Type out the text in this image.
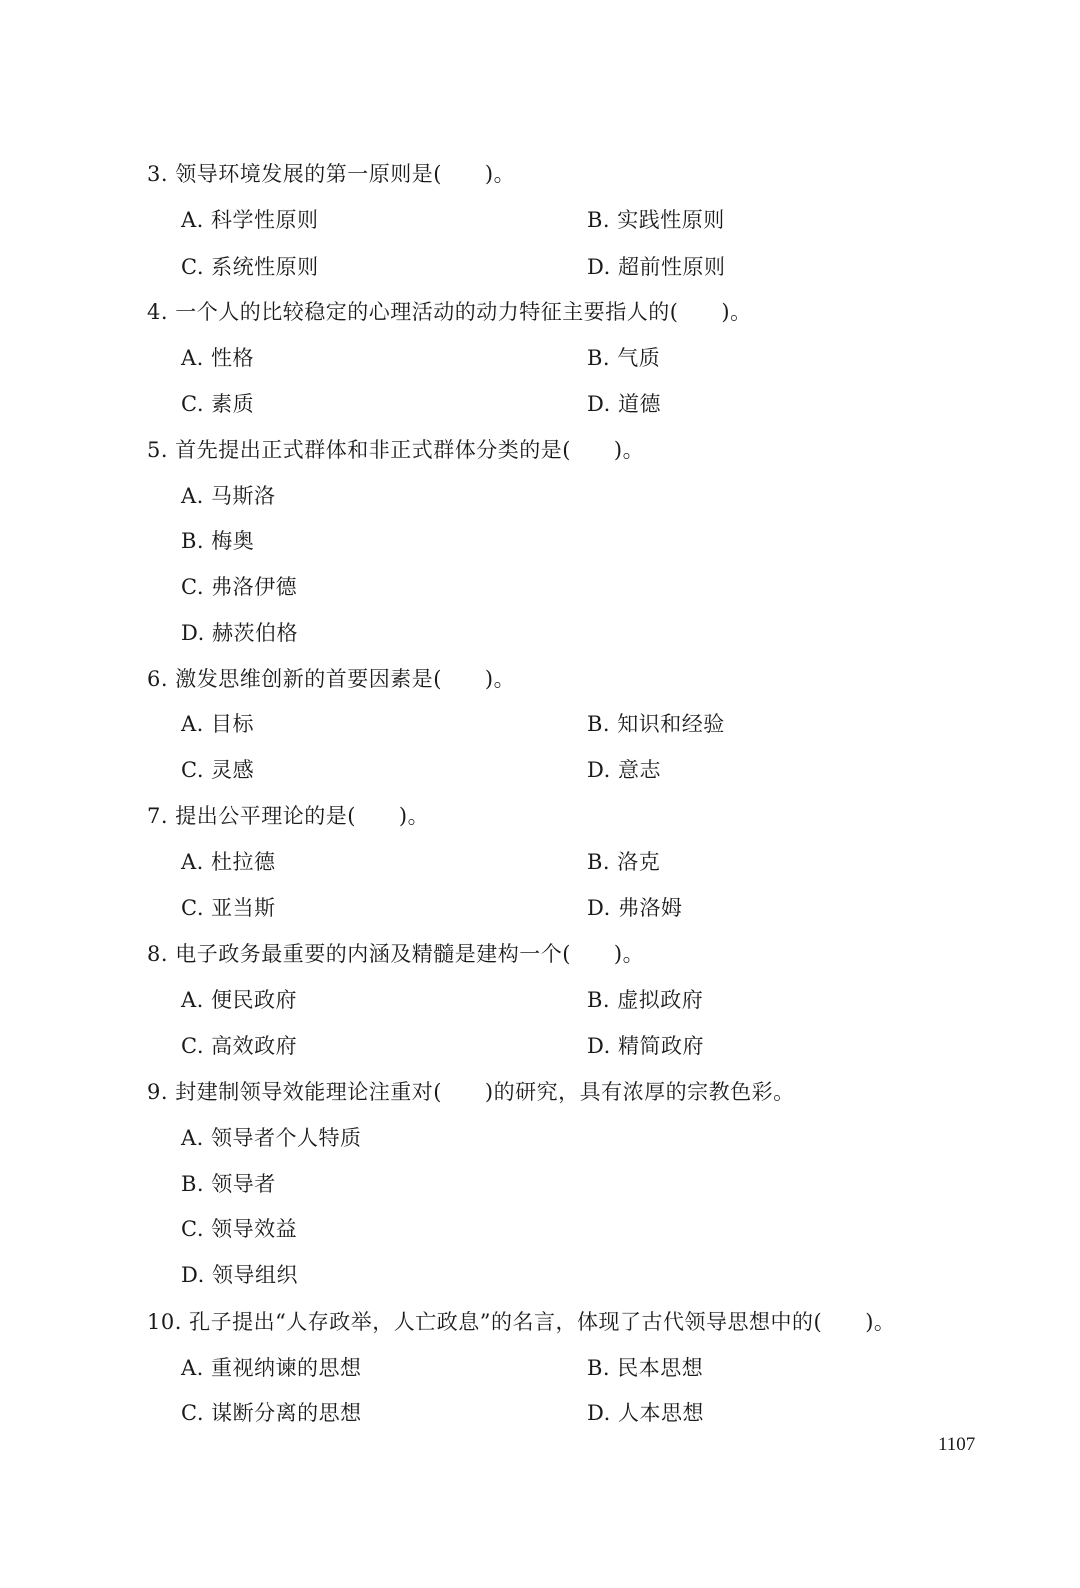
3. 领导环境发展的第一原则是(　　)。
A. 科学性原则	B. 实践性原则
C. 系统性原则	D. 超前性原则
4. 一个人的比较稳定的心理活动的动力特征主要指人的(　　)。
A. 性格	B. 气质
C. 素质	D. 道德
5. 首先提出正式群体和非正式群体分类的是(　　)。
A. 马斯洛
B. 梅奥
C. 弗洛伊德
D. 赫茨伯格
6. 激发思维创新的首要因素是(　　)。
A. 目标	B. 知识和经验
C. 灵感	D. 意志
7. 提出公平理论的是(　　)。
A. 杜拉德	B. 洛克
C. 亚当斯	D. 弗洛姆
8. 电子政务最重要的内涵及精髓是建构一个(　　)。
A. 便民政府	B. 虚拟政府
C. 高效政府	D. 精简政府
9. 封建制领导效能理论注重对(　　)的研究，具有浓厚的宗教色彩。
A. 领导者个人特质
B. 领导者
C. 领导效益
D. 领导组织
10. 孔子提出“人存政举，人亡政息”的名言，体现了古代领导思想中的(　　)。
A. 重视纳谏的思想	B. 民本思想
C. 谋断分离的思想	D. 人本思想
1107
